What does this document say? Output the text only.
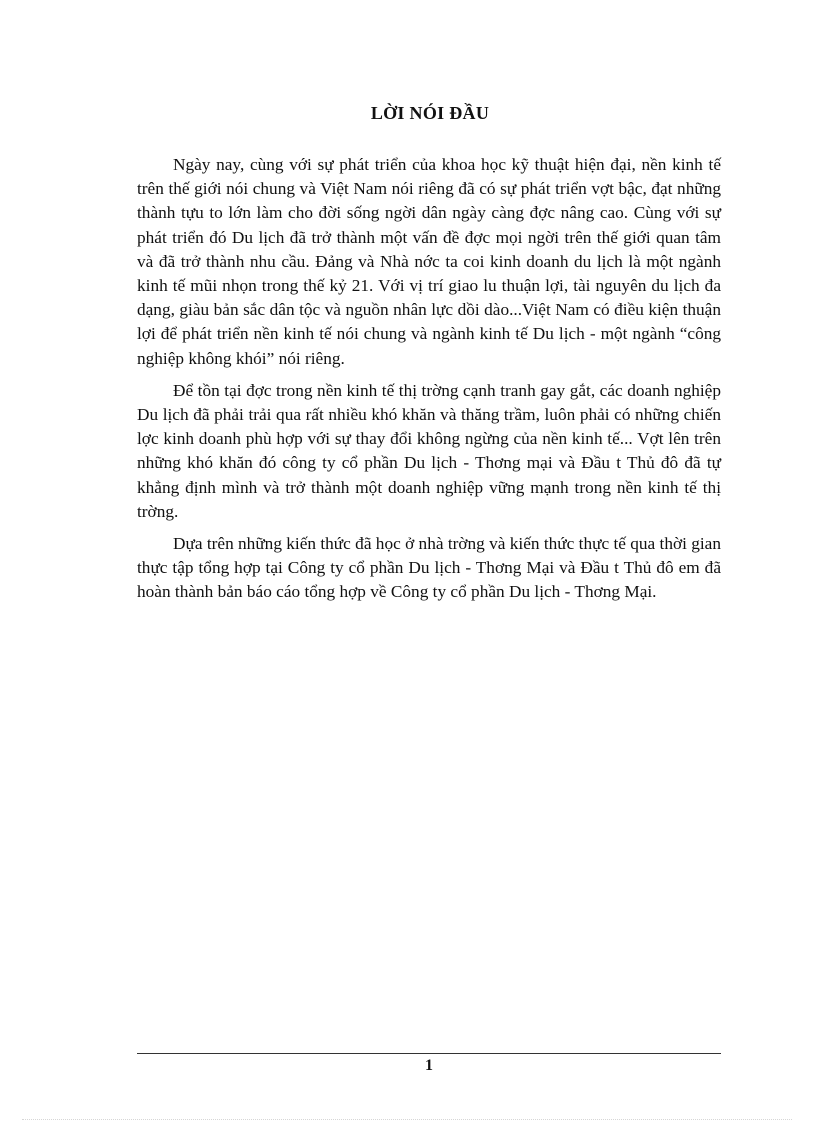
LỜI NÓI ĐẦU

Ngày nay, cùng với sự phát triển của khoa học kỹ thuật hiện đại, nền kinh tế trên thế giới nói chung và Việt Nam nói riêng đã có sự phát triển vợt bậc, đạt những thành tựu to lớn làm cho đời sống ngời dân ngày càng đợc nâng cao. Cùng với sự phát triển đó Du lịch đã trở thành một vấn đề đợc mọi ngời trên thế giới quan tâm và đã trở thành nhu cầu. Đảng và Nhà nớc ta coi kinh doanh du lịch là một ngành kinh tế mũi nhọn trong thế kỷ 21. Với vị trí giao lu thuận lợi, tài nguyên du lịch đa dạng, giàu bản sắc dân tộc và nguồn nhân lực dồi dào...Việt Nam có điều kiện thuận lợi để phát triển nền kinh tế nói chung và ngành kinh tế Du lịch - một ngành “công nghiệp không khói” nói riêng.

Để tồn tại đợc trong nền kinh tế thị trờng cạnh tranh gay gắt, các doanh nghiệp Du lịch đã phải trải qua rất nhiều khó khăn và thăng trầm, luôn phải có những chiến lợc kinh doanh phù hợp với sự thay đổi không ngừng của nền kinh tế... Vợt lên trên những khó khăn đó công ty cổ phần Du lịch - Thơng mại và Đầu t Thủ đô đã tự khẳng định mình và trở thành một doanh nghiệp vững mạnh trong nền kinh tế thị trờng.

Dựa trên những kiến thức đã học ở nhà trờng và kiến thức thực tế qua thời gian thực tập tổng hợp tại Công ty cổ phần Du lịch - Thơng Mại và Đầu t Thủ đô em đã hoàn thành bản báo cáo tổng hợp về Công ty cổ phần Du lịch - Thơng Mại.

1
